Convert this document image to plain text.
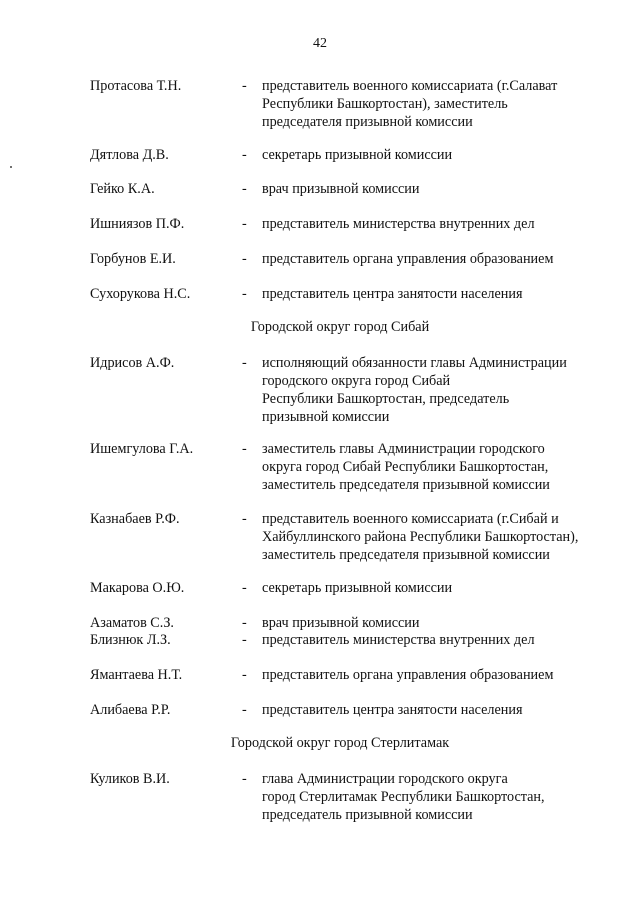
42
Протасова Т.Н.	-	представитель военного комиссариата (г.Салават
Республики Башкортостан), заместитель
председателя призывной комиссии
Дятлова Д.В.	-	секретарь призывной комиссии
Гейко К.А.	-	врач призывной комиссии
Ишниязов П.Ф.	-	представитель министерства внутренних дел
Горбунов Е.И.	-	представитель органа управления образованием
Сухорукова Н.С.	-	представитель центра занятости населения
Городской округ город Сибай
Идрисов А.Ф.	-	исполняющий обязанности главы Администрации
городского округа город Сибай
Республики Башкортостан, председатель
призывной комиссии
Ишемгулова Г.А.	-	заместитель главы Администрации городского
округа город Сибай Республики Башкортостан,
заместитель председателя призывной комиссии
Казнабаев Р.Ф.	-	представитель военного комиссариата (г.Сибай и
Хайбуллинского района Республики Башкортостан),
заместитель председателя призывной комиссии
Макарова О.Ю.	-	секретарь призывной комиссии
Азаматов С.З.	-	врач призывной комиссии
Близнюк Л.З.	-	представитель министерства внутренних дел
Ямантаева Н.Т.	-	представитель органа управления образованием
Алибаева Р.Р.	-	представитель центра занятости населения
Городской округ город Стерлитамак
Куликов В.И.	-	глава Администрации городского округа
город Стерлитамак Республики Башкортостан,
председатель призывной комиссии
